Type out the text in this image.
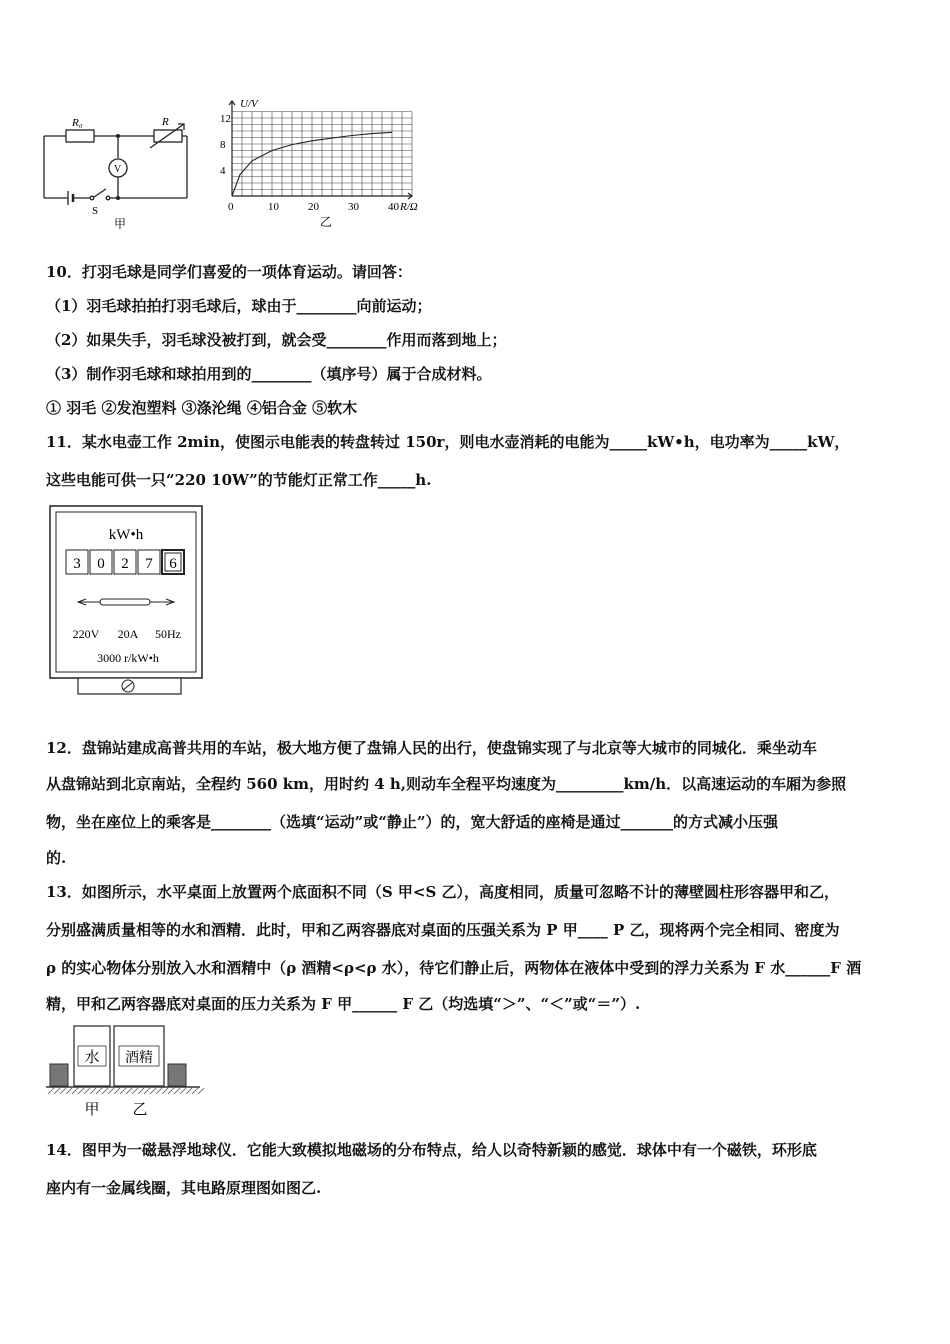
R₀	R
V
S
甲
U/V
R/Ω
12
8
4
0	10	20	30	40
乙
10．打羽毛球是同学们喜爱的一项体育运动。请回答：
（1）羽毛球拍拍打羽毛球后，球由于________向前运动；
（2）如果失手，羽毛球没被打到，就会受________作用而落到地上；
（3）制作羽毛球和球拍用到的________（填序号）属于合成材料。
① 羽毛 ②发泡塑料 ③涤沦绳 ④铝合金 ⑤软木
11．某水电壶工作 2min，使图示电能表的转盘转过 150r，则电水壶消耗的电能为_____kW•h，电功率为_____kW，
这些电能可供一只“220 10W”的节能灯正常工作_____h.
kW•h
3 0 2 7 6
220V 20A 50Hz
3000 r/kW•h
12．盘锦站建成高普共用的车站，极大地方便了盘锦人民的出行，使盘锦实现了与北京等大城市的同城化．乘坐动车
从盘锦站到北京南站，全程约 560 km，用时约 4 h,则动车全程平均速度为_________km/h．以高速运动的车厢为参照
物，坐在座位上的乘客是________（选填“运动”或“静止”）的，宽大舒适的座椅是通过_______的方式减小压强
的.
13．如图所示，水平桌面上放置两个底面积不同（S 甲<S 乙），高度相同，质量可忽略不计的薄壁圆柱形容器甲和乙，
分别盛满质量相等的水和酒精．此时，甲和乙两容器底对桌面的压强关系为 P 甲____ P 乙，现将两个完全相同、密度为
ρ 的实心物体分别放入水和酒精中（ρ 酒精<ρ<ρ 水），待它们静止后，两物体在液体中受到的浮力关系为 F 水______F 酒
精，甲和乙两容器底对桌面的压力关系为 F 甲______ F 乙（均选填“＞”、“＜”或“＝”）.
水 酒精
甲 乙
14．图甲为一磁悬浮地球仪．它能大致模拟地磁场的分布特点，给人以奇特新颖的感觉．球体中有一个磁铁，环形底
座内有一金属线圈，其电路原理图如图乙.
